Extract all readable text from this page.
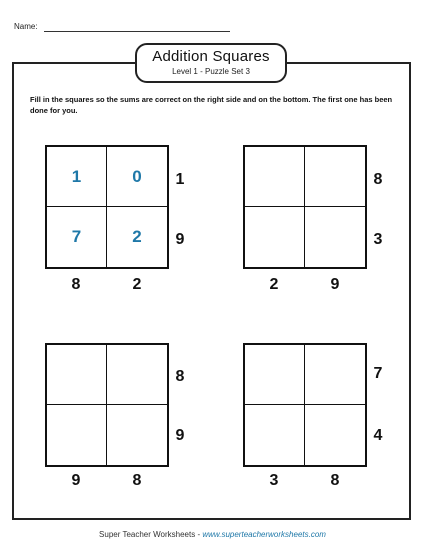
Name:
Addition Squares
Level 1 - Puzzle Set 3
Fill in the squares so the sums are correct on the right side and on the bottom. The first one has been done for you.
1	0
7	2
1
9
8	2
8
3
2	9
8
9
9	8
7
4
3	8
Super Teacher Worksheets - www.superteacherworksheets.com
